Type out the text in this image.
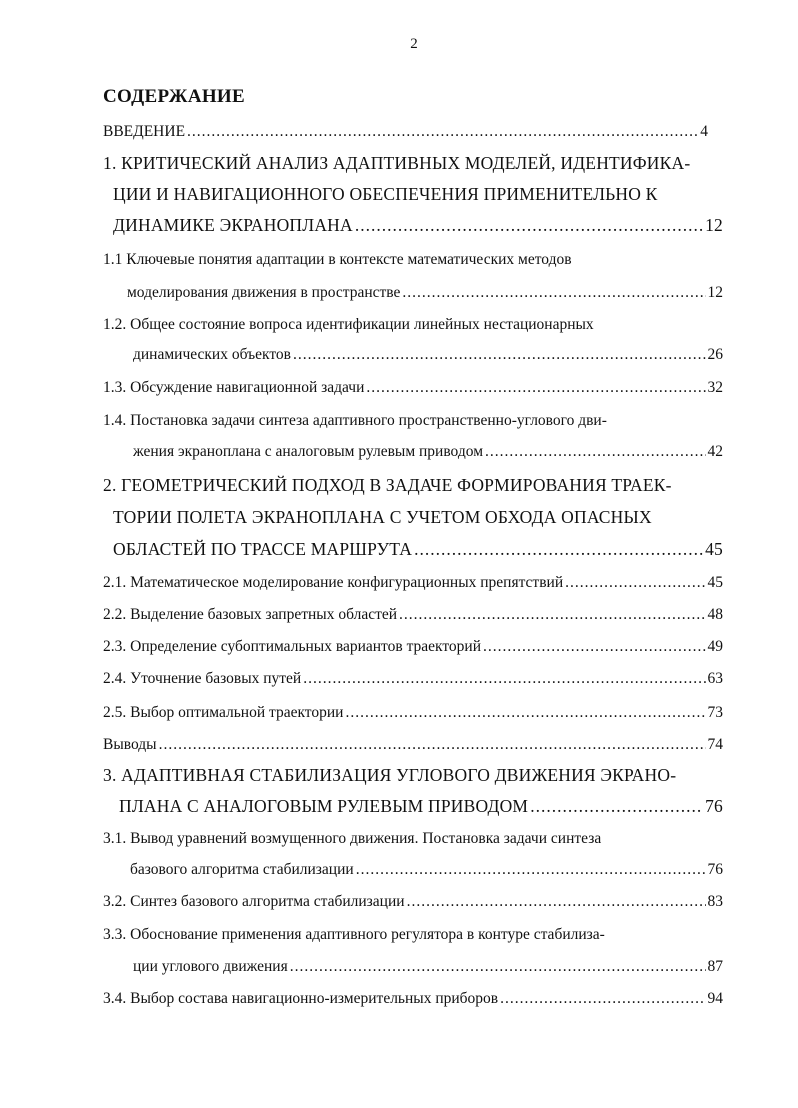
2
СОДЕРЖАНИЕ
ВВЕДЕНИЕ .....	4
1. КРИТИЧЕСКИЙ АНАЛИЗ АДАПТИВНЫХ МОДЕЛЕЙ, ИДЕНТИФИКА-
ЦИИ И НАВИГАЦИОННОГО ОБЕСПЕЧЕНИЯ ПРИМЕНИТЕЛЬНО К
ДИНАМИКЕ ЭКРАНОПЛАНА .....	12
1.1 Ключевые понятия адаптации в контексте математических методов
моделирования движения в пространстве .....	12
1.2. Общее состояние вопроса идентификации линейных нестационарных
динамических объектов .....	26
1.3. Обсуждение навигационной задачи .....	32
1.4. Постановка задачи синтеза адаптивного пространственно-углового дви-
жения экраноплана с аналоговым рулевым приводом .....	42
2. ГЕОМЕТРИЧЕСКИЙ ПОДХОД В ЗАДАЧЕ ФОРМИРОВАНИЯ ТРАЕК-
ТОРИИ ПОЛЕТА ЭКРАНОПЛАНА С УЧЕТОМ ОБХОДА ОПАСНЫХ
ОБЛАСТЕЙ ПО ТРАССЕ МАРШРУТА .....	45
2.1. Математическое моделирование конфигурационных препятствий .....	45
2.2. Выделение базовых запретных областей .....	48
2.3. Определение субоптимальных вариантов траекторий .....	49
2.4. Уточнение базовых путей .....	63
2.5. Выбор оптимальной траектории .....	73
Выводы .....	74
3. АДАПТИВНАЯ СТАБИЛИЗАЦИЯ УГЛОВОГО ДВИЖЕНИЯ ЭКРАНО-
ПЛАНА С АНАЛОГОВЫМ РУЛЕВЫМ ПРИВОДОМ .....	76
3.1. Вывод уравнений возмущенного движения. Постановка задачи синтеза
базового алгоритма стабилизации .....	76
3.2. Синтез базового алгоритма стабилизации .....	83
3.3. Обоснование применения адаптивного регулятора в контуре стабилиза-
ции углового движения .....	87
3.4. Выбор состава навигационно-измерительных приборов .....	94
